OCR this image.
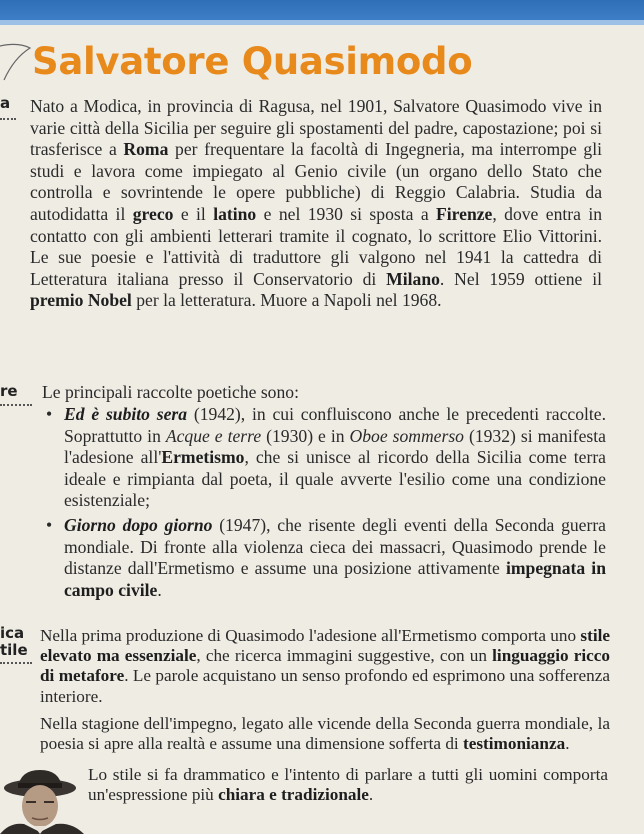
Salvatore Quasimodo
a Nato a Modica, in provincia di Ragusa, nel 1901, Salvatore Quasimodo vive in varie città della Sicilia per seguire gli spostamenti del padre, capostazione; poi si trasferisce a Roma per frequentare la facoltà di Ingegneria, ma interrompe gli studi e lavora come impiegato al Genio civile (un organo dello Stato che controlla e sovrintende le opere pubbliche) di Reggio Calabria. Studia da autodidatta il greco e il latino e nel 1930 si sposta a Firenze, dove entra in contatto con gli ambienti letterari tramite il cognato, lo scrittore Elio Vittorini. Le sue poesie e l'attività di traduttore gli valgono nel 1941 la cattedra di Letteratura italiana presso il Conservatorio di Milano. Nel 1959 ottiene il premio Nobel per la letteratura. Muore a Napoli nel 1968.

re Le principali raccolte poetiche sono:

• Ed è subito sera (1942), in cui confluiscono anche le precedenti raccolte. Soprattutto in Acque e terre (1930) e in Oboe sommerso (1932) si manifesta l'adesione all'Ermetismo, che si unisce al ricordo della Sicilia come terra ideale e rimpianta dal poeta, il quale avverte l'esilio come una condizione esistenziale;
• Giorno dopo giorno (1947), che risente degli eventi della Seconda guerra mondiale. Di fronte alla violenza cieca dei massacri, Quasimodo prende le distanze dall'Ermetismo e assume una posizione attivamente impegnata in campo civile.
ica
tile

Nella prima produzione di Quasimodo l'adesione all'Ermetismo comporta uno stile elevato ma essenziale, che ricerca immagini suggestive, con un linguaggio ricco di metafore. Le parole acquistano un senso profondo ed esprimono una sofferenza interiore.

Nella stagione dell'impegno, legato alle vicende della Seconda guerra mondiale, la poesia si apre alla realtà e assume una dimensione sofferta di testimonianza.

Lo stile si fa drammatico e l'intento di parlare a tutti gli uomini comporta un'espressione più chiara e tradizionale.
